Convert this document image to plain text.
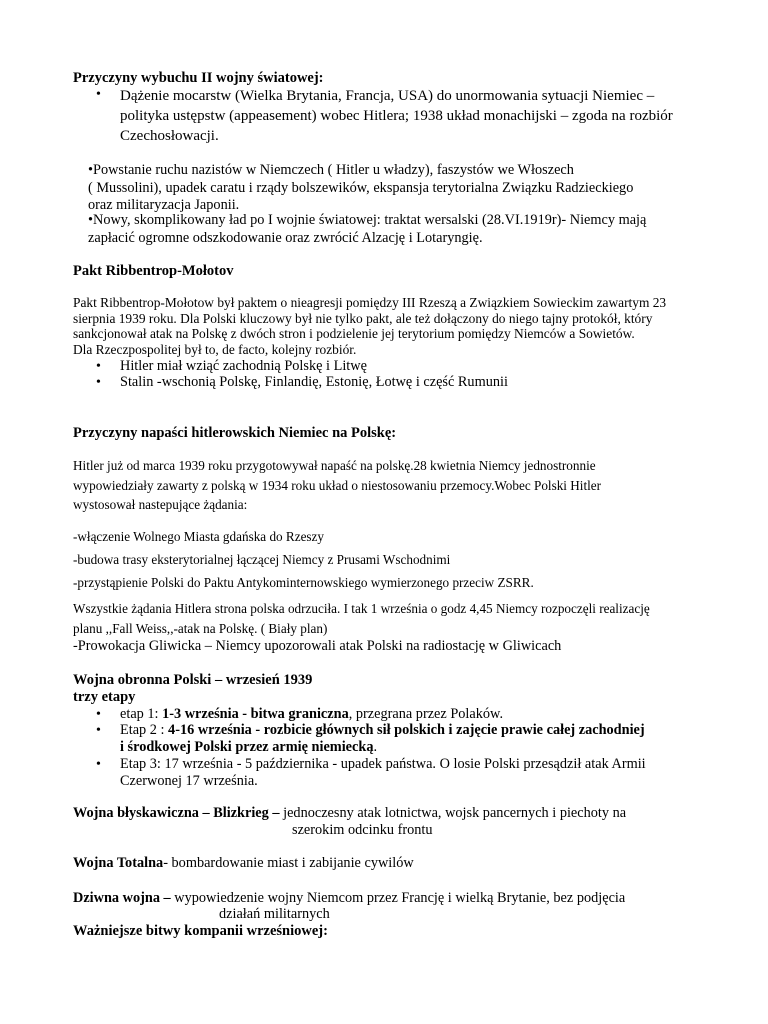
Przyczyny wybuchu II wojny światowej:
• Dążenie mocarstw (Wielka Brytania, Francja, USA) do unormowania sytuacji Niemiec –
polityka ustępstw (appeasement) wobec Hitlera; 1938 układ monachijski – zgoda na rozbiór
Czechosłowacji.
•Powstanie ruchu nazistów w Niemczech ( Hitler u władzy), faszystów we Włoszech
( Mussolini), upadek caratu i rządy bolszewików, ekspansja terytorialna Związku Radzieckiego
oraz militaryzacja Japonii.
•Nowy, skomplikowany ład po I wojnie światowej: traktat wersalski (28.VI.1919r)- Niemcy mają
zapłacić ogromne odszkodowanie oraz zwrócić Alzację i Lotaryngię.
Pakt Ribbentrop-Mołotov
Pakt Ribbentrop-Mołotow był paktem o nieagresji pomiędzy III Rzeszą a Związkiem Sowieckim zawartym 23
sierpnia 1939 roku. Dla Polski kluczowy był nie tylko pakt, ale też dołączony do niego tajny protokół, który
sankcjonował atak na Polskę z dwóch stron i podzielenie jej terytorium pomiędzy Niemców a Sowietów.
Dla Rzeczpospolitej był to, de facto, kolejny rozbiór.
• Hitler miał wziąć zachodnią Polskę i Litwę
• Stalin -wschonią Polskę, Finlandię, Estonię, Łotwę i część Rumunii
Przyczyny napaści hitlerowskich Niemiec na Polskę:
Hitler już od marca 1939 roku przygotowywał napaść na polskę.28 kwietnia Niemcy jednostronnie
wypowiedziały zawarty z polską w 1934 roku układ o niestosowaniu przemocy.Wobec Polski Hitler
wystosował nastepujące żądania:
-włączenie Wolnego Miasta gdańska do Rzeszy
-budowa trasy eksterytorialnej łączącej Niemcy z Prusami Wschodnimi
-przystąpienie Polski do Paktu Antykominternowskiego wymierzonego przeciw ZSRR.
Wszystkie żądania Hitlera strona polska odrzuciła. I tak 1 września o godz 4,45 Niemcy rozpoczęli realizację
planu ,,Fall Weiss,,-atak na Polskę. ( Biały plan)
-Prowokacja Gliwicka – Niemcy upozorowali atak Polski na radiostację w Gliwicach
Wojna obronna Polski – wrzesień 1939
trzy etapy
• etap 1: 1-3 września - bitwa graniczna, przegrana przez Polaków.
• Etap 2 : 4-16 września - rozbicie głównych sił polskich i zajęcie prawie całej zachodniej
i środkowej Polski przez armię niemiecką.
• Etap 3: 17 września - 5 października - upadek państwa. O losie Polski przesądził atak Armii
Czerwonej 17 września.
Wojna błyskawiczna – Blizkrieg – jednoczesny atak lotnictwa, wojsk pancernych i piechoty na
szerokim odcinku frontu
Wojna Totalna- bombardowanie miast i zabijanie cywilów
Dziwna wojna – wypowiedzenie wojny Niemcom przez Francję i wielką Brytanie, bez podjęcia
działań militarnych
Ważniejsze bitwy kompanii wrześniowej:
